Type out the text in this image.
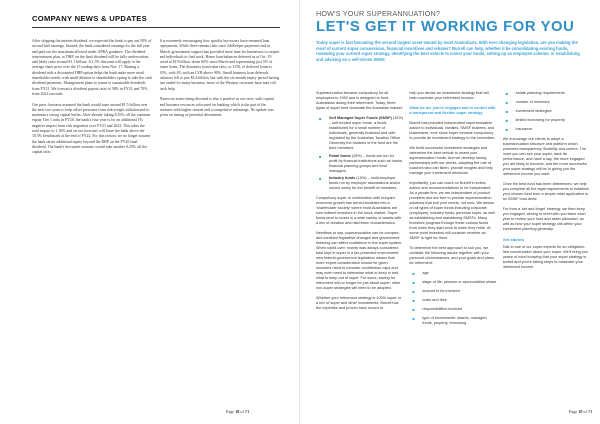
COMPANY NEWS & UPDATES

After skipping the interim dividend, we expected the bank to pay out 50% of second half earnings. Instead, the bank considered earnings for the full year and paid out the maximum allowed under APRA guidance. The dividend reinvestment plan, or DRP, on the final dividend will be fully underwritten, and likely raise around $1.1 billion. A 1.5% discount will apply to the average share price over the 15 trading days from Nov. 17. Raising a dividend with a discounted DRP option helps the bank make more retail shareholder needs, with small dilution to shareholders opting to take the cash dividend payments. Management plans to return to sustainable dividends from FY21. We forecast a dividend payout ratio of 58% in FY21 and 70% from 2022 onwards.

Our prior forecasts assumed the bank would raise around $1.5 billion over the next two years to help offset pressures from risk-weight inflation and to maintain a strong capital buffer. After already taking 8.16% off the common equity Tier 1 ratio in FY20, the bank's four year is for an additional 1% negative impact from risk migration over FY21 and 2022. This takes the total impact to 1.16% and on our forecasts will leave the bank above the 10.5% benchmark at the end of FY22. For this reason, we no longer assume the bank raises additional equity beyond the DRP on the FY20 final dividend. The bank's downside scenario would take another 0.25% off the capital ratio.

It is extremely encouraging how quickly borrowers have resumed loan repayments. While there remain risks once JobKeeper payments end in March, government support has provided more time for businesses to reopen and individuals to find work. Home loan balances deferred as at Oct. 19 stood at $19 billion, down 60% since March and representing just 5% of home loans. The dynamics loan/value ratio, or LVR, of deferred loans is 65%, with 4% with an LVR above 90%. Small business loan deferrals balances fell to just $3.4 billion, but with the six-month expiry period having just ended for many business, more of the Westpac customer base may roll back help.

Nonecore assets being divested is also a positive in our view, with capital and business resources refocused on banking which is the part of the business with higher returns and a competitive advantage. No update was given on timing of potential divestment.

Page 18 of 71
HOW'S YOUR SUPERANNUATION?
LET'S GET IT WORKING FOR YOU

Today super is fast becoming the second largest asset owned by most Australians. With ever-changing legislation, are you making the most of current super concessions, financial incentives and rebates? Burrell can help, whether it be consolidating existing funds, reviewing your current super strategy, identifying the best vehicle to invest your funds, setting up an employee scheme, or establishing and advising on a self-driven SMSF.

Superannuation became compulsory for all employees in 1992 and is designed to fund Australians during their retirement. Today, three types of super fund dominate the Australian market:

■ Self Managed Super Funds (SMSF) (32%) – self-funded super funds, a funds established for a small number of individuals, generally husband and wife, regulated by the Australian Taxation Office. Generally the trustees of the fund are the fund members.
■ Retail funds (28%) – funds are run for profit by financial institutions such as banks, financial planning groups and fund managers.
■ Industry funds (19%) – multi-employer funds run by employer associations and/or unions solely for the benefit of members.

Compulsory super in combination with buoyant economic growth has turned Australia into a 'shareholder society' where most Australians are now indirect investors in the stock market. Super funds tend to invest in a wide variety of assets with a mix of duration and risk/return characteristics.

Needless to say, superannuation can be complex, and constant legislative changes and government tinkering can affect confidence in the super system. When rolled-over, money was always considered best kept in super in a tax-protected environment, new federal government legislation means that more expert consideration should be given. Investors need to consider contribution caps and may even need to determine what to keep in and what to keep out of super. For some, saving for retirement will no longer be just about super; other non-super strategies will need to be adopted.

Whether your retirement strategy is 100% super or a mix of super and other investments, Burrell has the expertise and proven track record to

help you devise an investment strategy that will best maximise your retirement income.

What we do: you're engaged and in control with a transparent and flexible super strategy

Burrell has provided independent superannuation advice to individuals, families, SMSF trustees, and businesses, ever since super became compulsory to provide an investment strategy to the committee.

We build successful investment strategies and determine the best vehicle to invest your superannuation funds. And we develop strong partnerships with our clients, adopting the role of coaches who can listen, provide insights and help manage your investment decisions.

Importantly, you can count on Burrell's review, advice and recommendations to be independent. As a private firm, we are independent of product providers and are free to provide superannuation solutions that suit your needs, not ours. We advise on all types of super funds including corporate (employee), industry funds, personal super, as well as establishing and maintaining SMSFs. Many investors progress through these various funds from when they start work to when they retire. At some point investors will consider whether an SMSF is right for them.

To determine the best approach to suit you, we consider the following issues together with your personal circumstances, and your goals and plans for retirement:

■ age
■ stage of life: pension or accumulation phase
■ amount to be invested
■ costs and fees
■ responsibilities involved
■ type of investments: shares, managed funds, property, borrowing
■ estate planning requirements
■ number of members
■ investment strategies
■ limited borrowing for property
■ insurance.

We encourage our clients to adopt a superannuation structure and platform which promotes transparency, flexibility and control. The more you can see your super, track its performance, and have a say, the more engaged you are likely to become, and the more successful your super strategy will be in giving you the retirement income you want.

Once the best fund has been determined, we help you complete all the legal requirements to establish your chosen fund from a simple retail application to an SMSF trust deed.

For from a 'set and forget' strategy, we then keep you engaged, aiming to meet with you twice each year to review your fund and asset allocation, as well as how your super strategy sits within your investment planning generally.

Get started

Talk to one of our super experts for an obligation-free conversation about your super. We'll bring you peace of mind knowing that your super strategy is sorted and you're taking steps to maximise your retirement income.

Page 19 of 71
